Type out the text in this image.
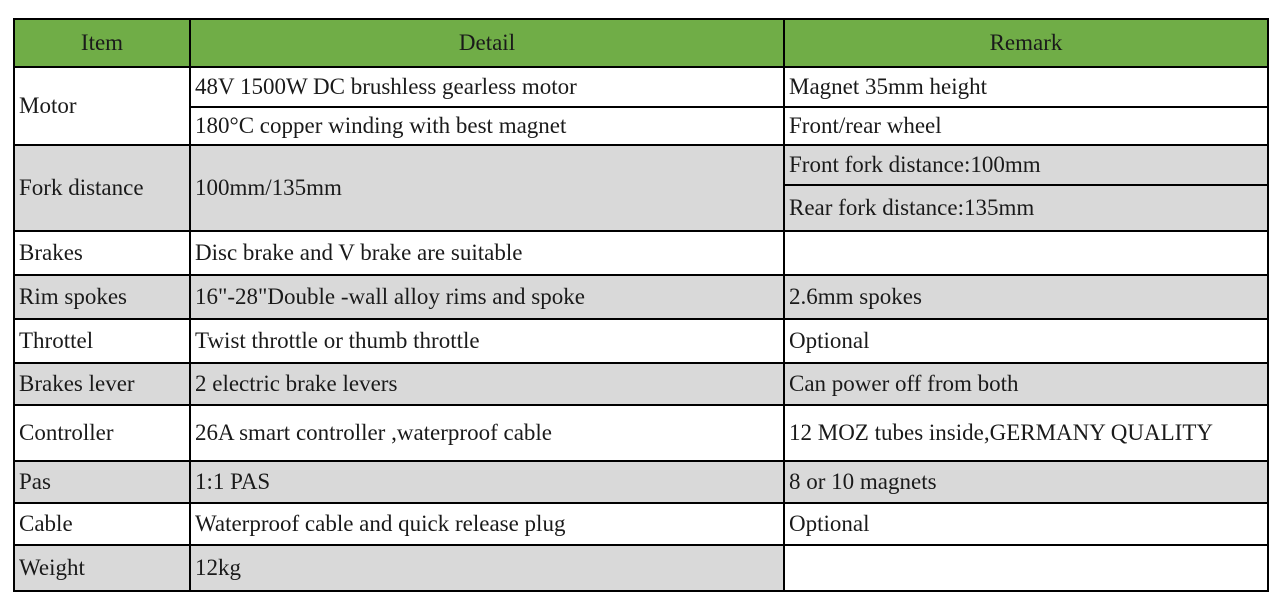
Item	Detail	Remark
Motor	48V 1500W DC brushless gearless motor	Magnet 35mm height
	180°C copper winding with best magnet	Front/rear wheel
Fork distance	100mm/135mm	Front fork distance:100mm
		Rear fork distance:135mm
Brakes	Disc brake and V brake are suitable	
Rim spokes	16"-28"Double -wall alloy rims and spoke	2.6mm spokes
Throttel	Twist throttle or thumb throttle	Optional
Brakes lever	2 electric brake levers	Can power off from both
Controller	26A smart controller ,waterproof cable	12 MOZ tubes inside,GERMANY QUALITY
Pas	1:1 PAS	8 or 10 magnets
Cable	Waterproof cable and quick release plug	Optional
Weight	12kg	
